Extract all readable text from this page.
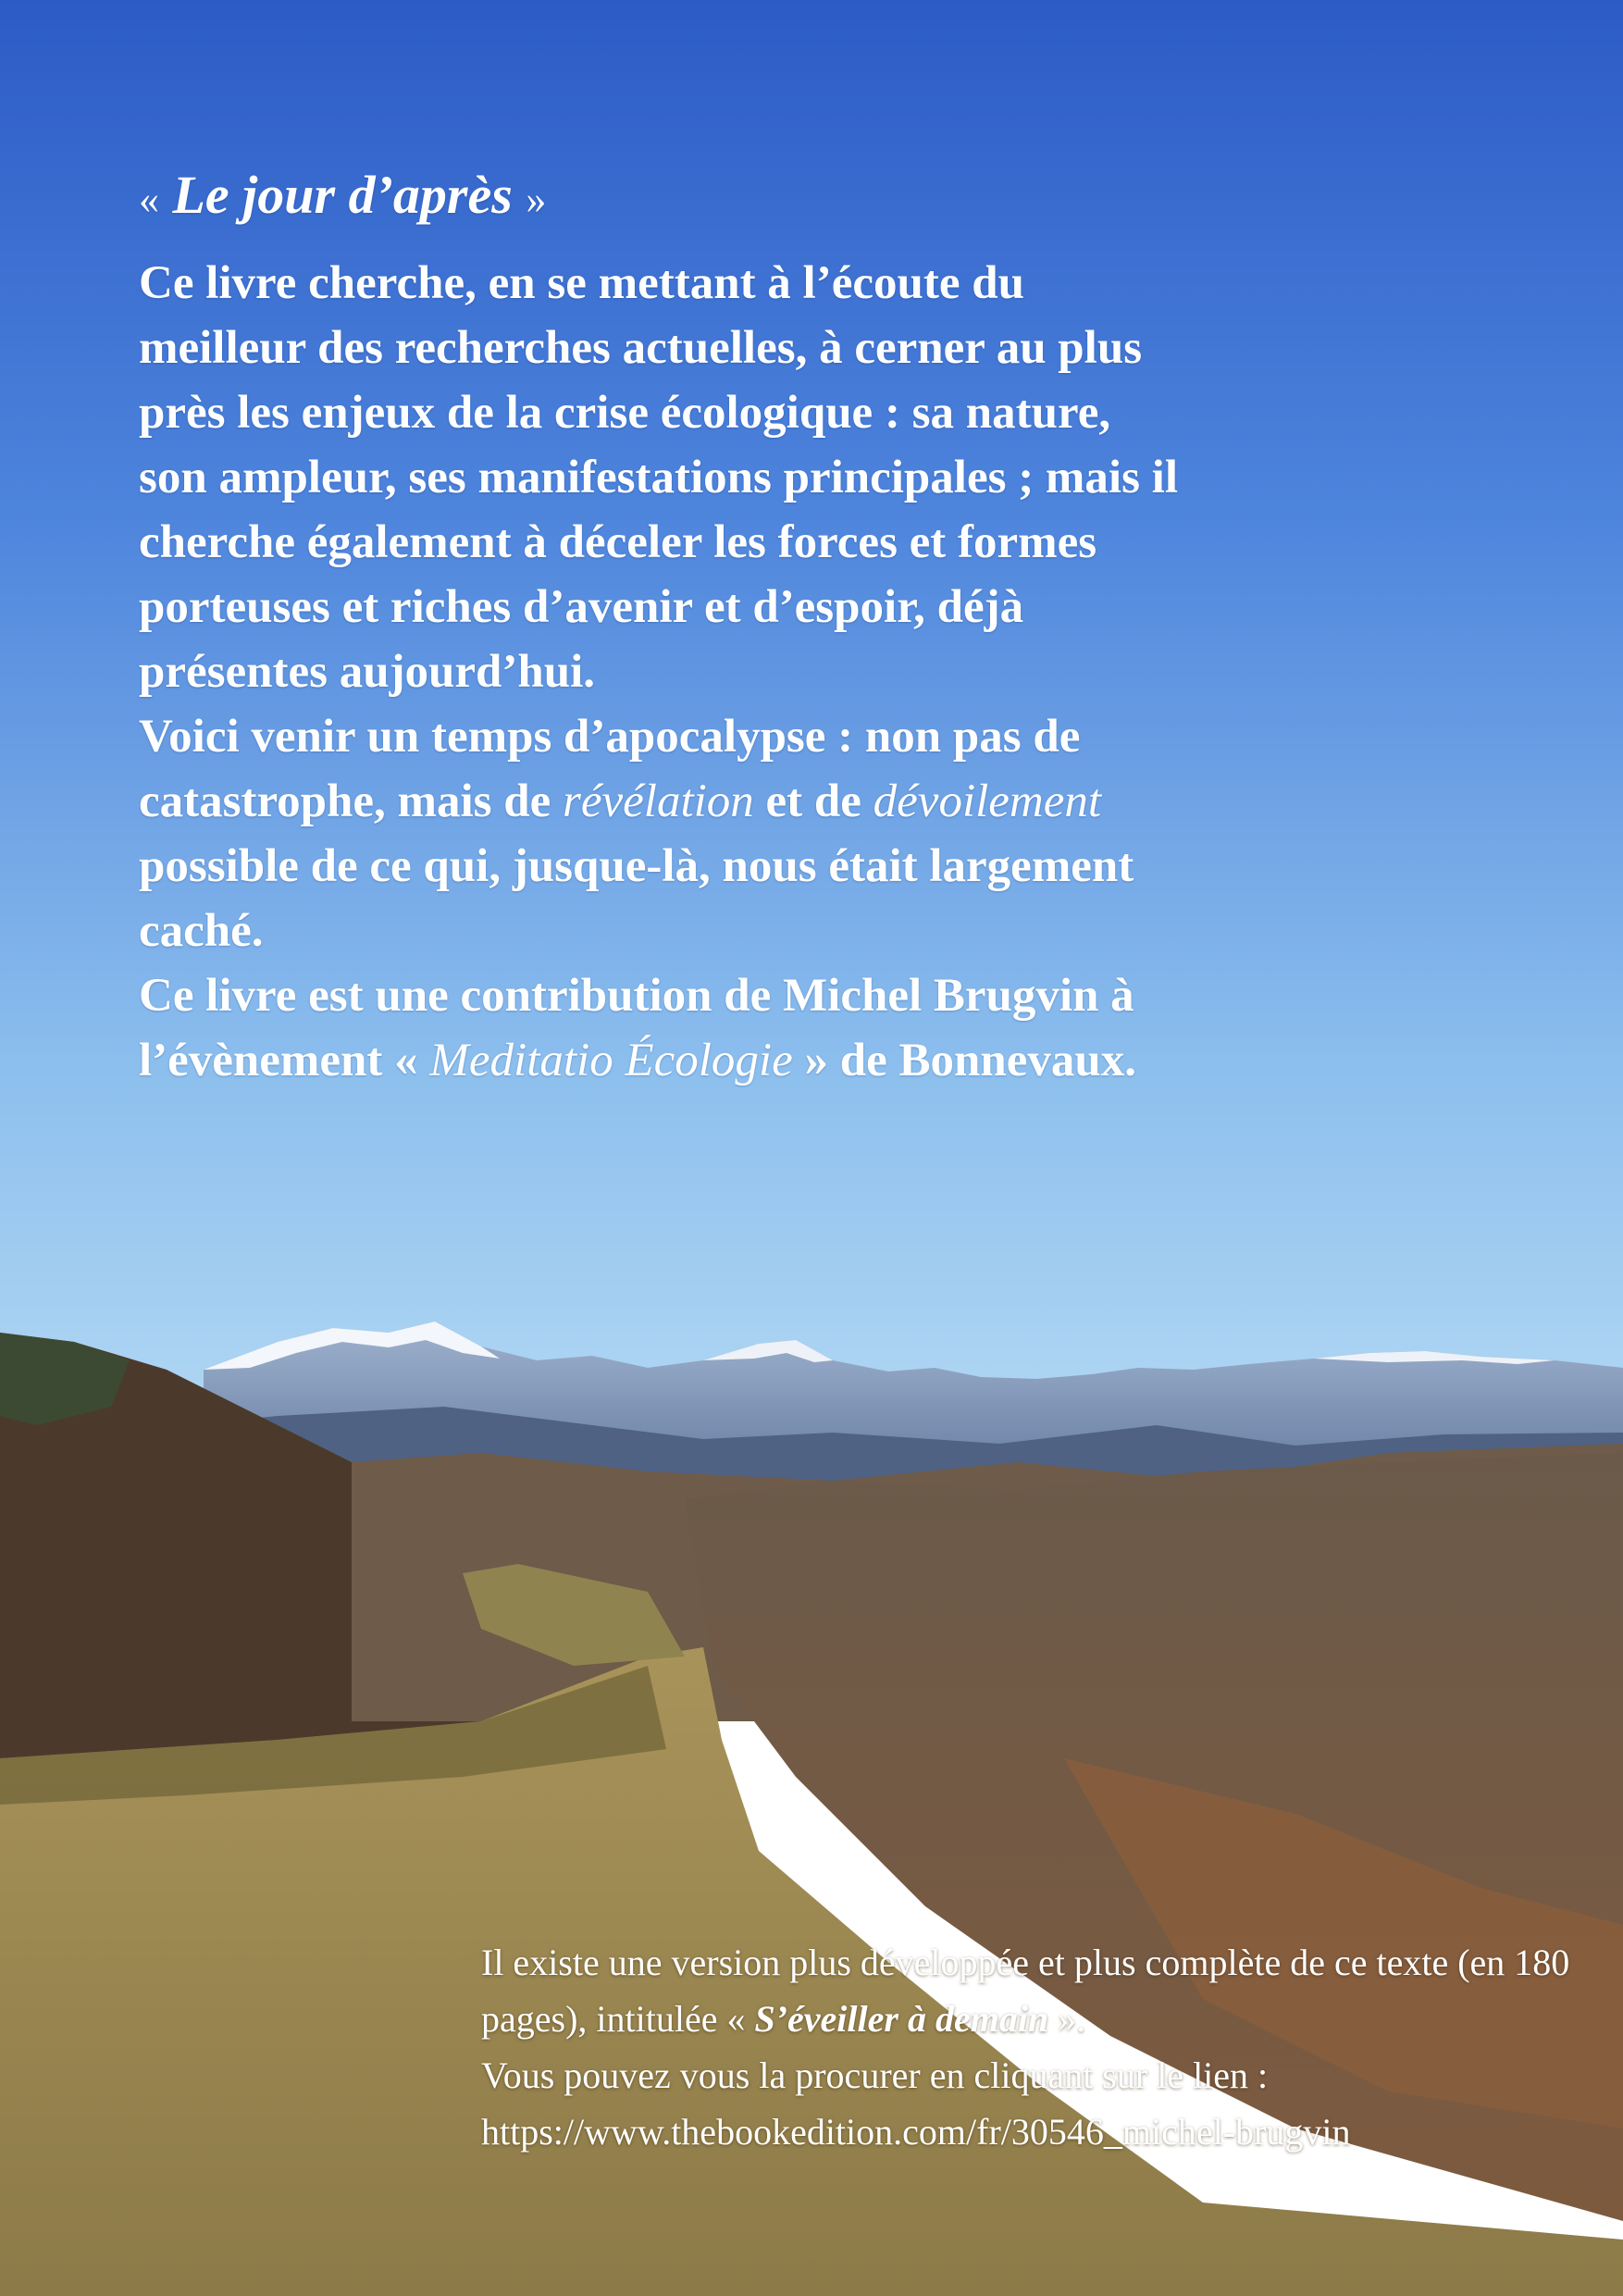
« Le jour d’après »

Ce livre cherche, en se mettant à l’écoute du meilleur des recherches actuelles, à cerner au plus près les enjeux de la crise écologique : sa nature, son ampleur, ses manifestations principales ; mais il cherche également à déceler les forces et formes porteuses et riches d’avenir et d’espoir, déjà présentes aujourd’hui.

Voici venir un temps d’apocalypse : non pas de catastrophe, mais de révélation et de dévoilement possible de ce qui, jusque-là, nous était largement caché.

Ce livre est une contribution de Michel Brugvin à l’évènement « Meditatio Écologie » de Bonnevaux.

Il existe une version plus développée et plus complète de ce texte (en 180 pages), intitulée « S’éveiller à demain ».
Vous pouvez vous la procurer en cliquant sur le lien :
https://www.thebookedition.com/fr/30546_michel-brugvin
